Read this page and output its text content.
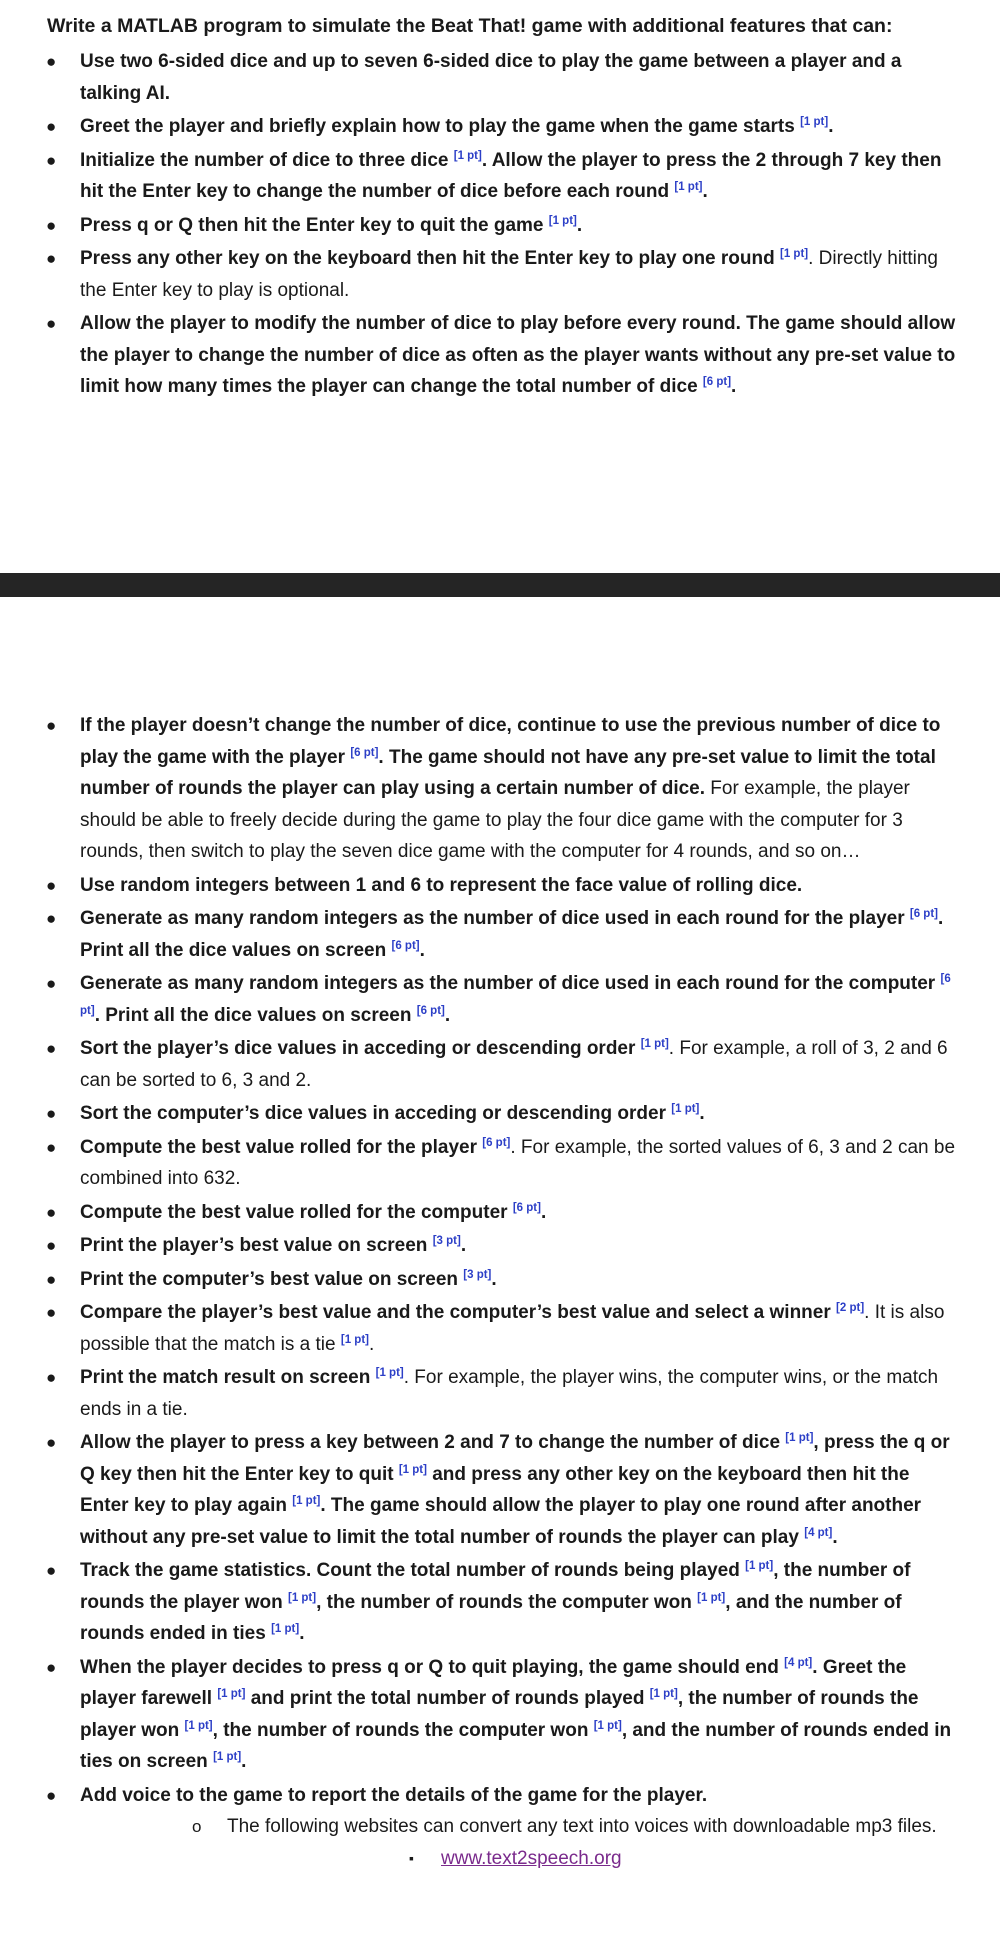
Write a MATLAB program to simulate the Beat That! game with additional features that can:
● Use two 6-sided dice and up to seven 6-sided dice to play the game between a player and a talking AI.
● Greet the player and briefly explain how to play the game when the game starts [1 pt].
● Initialize the number of dice to three dice [1 pt]. Allow the player to press the 2 through 7 key then hit the Enter key to change the number of dice before each round [1 pt].
● Press q or Q then hit the Enter key to quit the game [1 pt].
● Press any other key on the keyboard then hit the Enter key to play one round [1 pt]. Directly hitting the Enter key to play is optional.
● Allow the player to modify the number of dice to play before every round. The game should allow the player to change the number of dice as often as the player wants without any pre-set value to limit how many times the player can change the total number of dice [6 pt].
● If the player doesn’t change the number of dice, continue to use the previous number of dice to play the game with the player [6 pt]. The game should not have any pre-set value to limit the total number of rounds the player can play using a certain number of dice. For example, the player should be able to freely decide during the game to play the four dice game with the computer for 3 rounds, then switch to play the seven dice game with the computer for 4 rounds, and so on…
● Use random integers between 1 and 6 to represent the face value of rolling dice.
● Generate as many random integers as the number of dice used in each round for the player [6 pt]. Print all the dice values on screen [6 pt].
● Generate as many random integers as the number of dice used in each round for the computer [6 pt]. Print all the dice values on screen [6 pt].
● Sort the player’s dice values in acceding or descending order [1 pt]. For example, a roll of 3, 2 and 6 can be sorted to 6, 3 and 2.
● Sort the computer’s dice values in acceding or descending order [1 pt].
● Compute the best value rolled for the player [6 pt]. For example, the sorted values of 6, 3 and 2 can be combined into 632.
● Compute the best value rolled for the computer [6 pt].
● Print the player’s best value on screen [3 pt].
● Print the computer’s best value on screen [3 pt].
● Compare the player’s best value and the computer’s best value and select a winner [2 pt]. It is also possible that the match is a tie [1 pt].
● Print the match result on screen [1 pt]. For example, the player wins, the computer wins, or the match ends in a tie.
● Allow the player to press a key between 2 and 7 to change the number of dice [1 pt], press the q or Q key then hit the Enter key to quit [1 pt] and press any other key on the keyboard then hit the Enter key to play again [1 pt]. The game should allow the player to play one round after another without any pre-set value to limit the total number of rounds the player can play [4 pt].
● Track the game statistics. Count the total number of rounds being played [1 pt], the number of rounds the player won [1 pt], the number of rounds the computer won [1 pt], and the number of rounds ended in ties [1 pt].
● When the player decides to press q or Q to quit playing, the game should end [4 pt]. Greet the player farewell [1 pt] and print the total number of rounds played [1 pt], the number of rounds the player won [1 pt], the number of rounds the computer won [1 pt], and the number of rounds ended in ties on screen [1 pt].
● Add voice to the game to report the details of the game for the player.
o The following websites can convert any text into voices with downloadable mp3 files.
▪ www.text2speech.org
